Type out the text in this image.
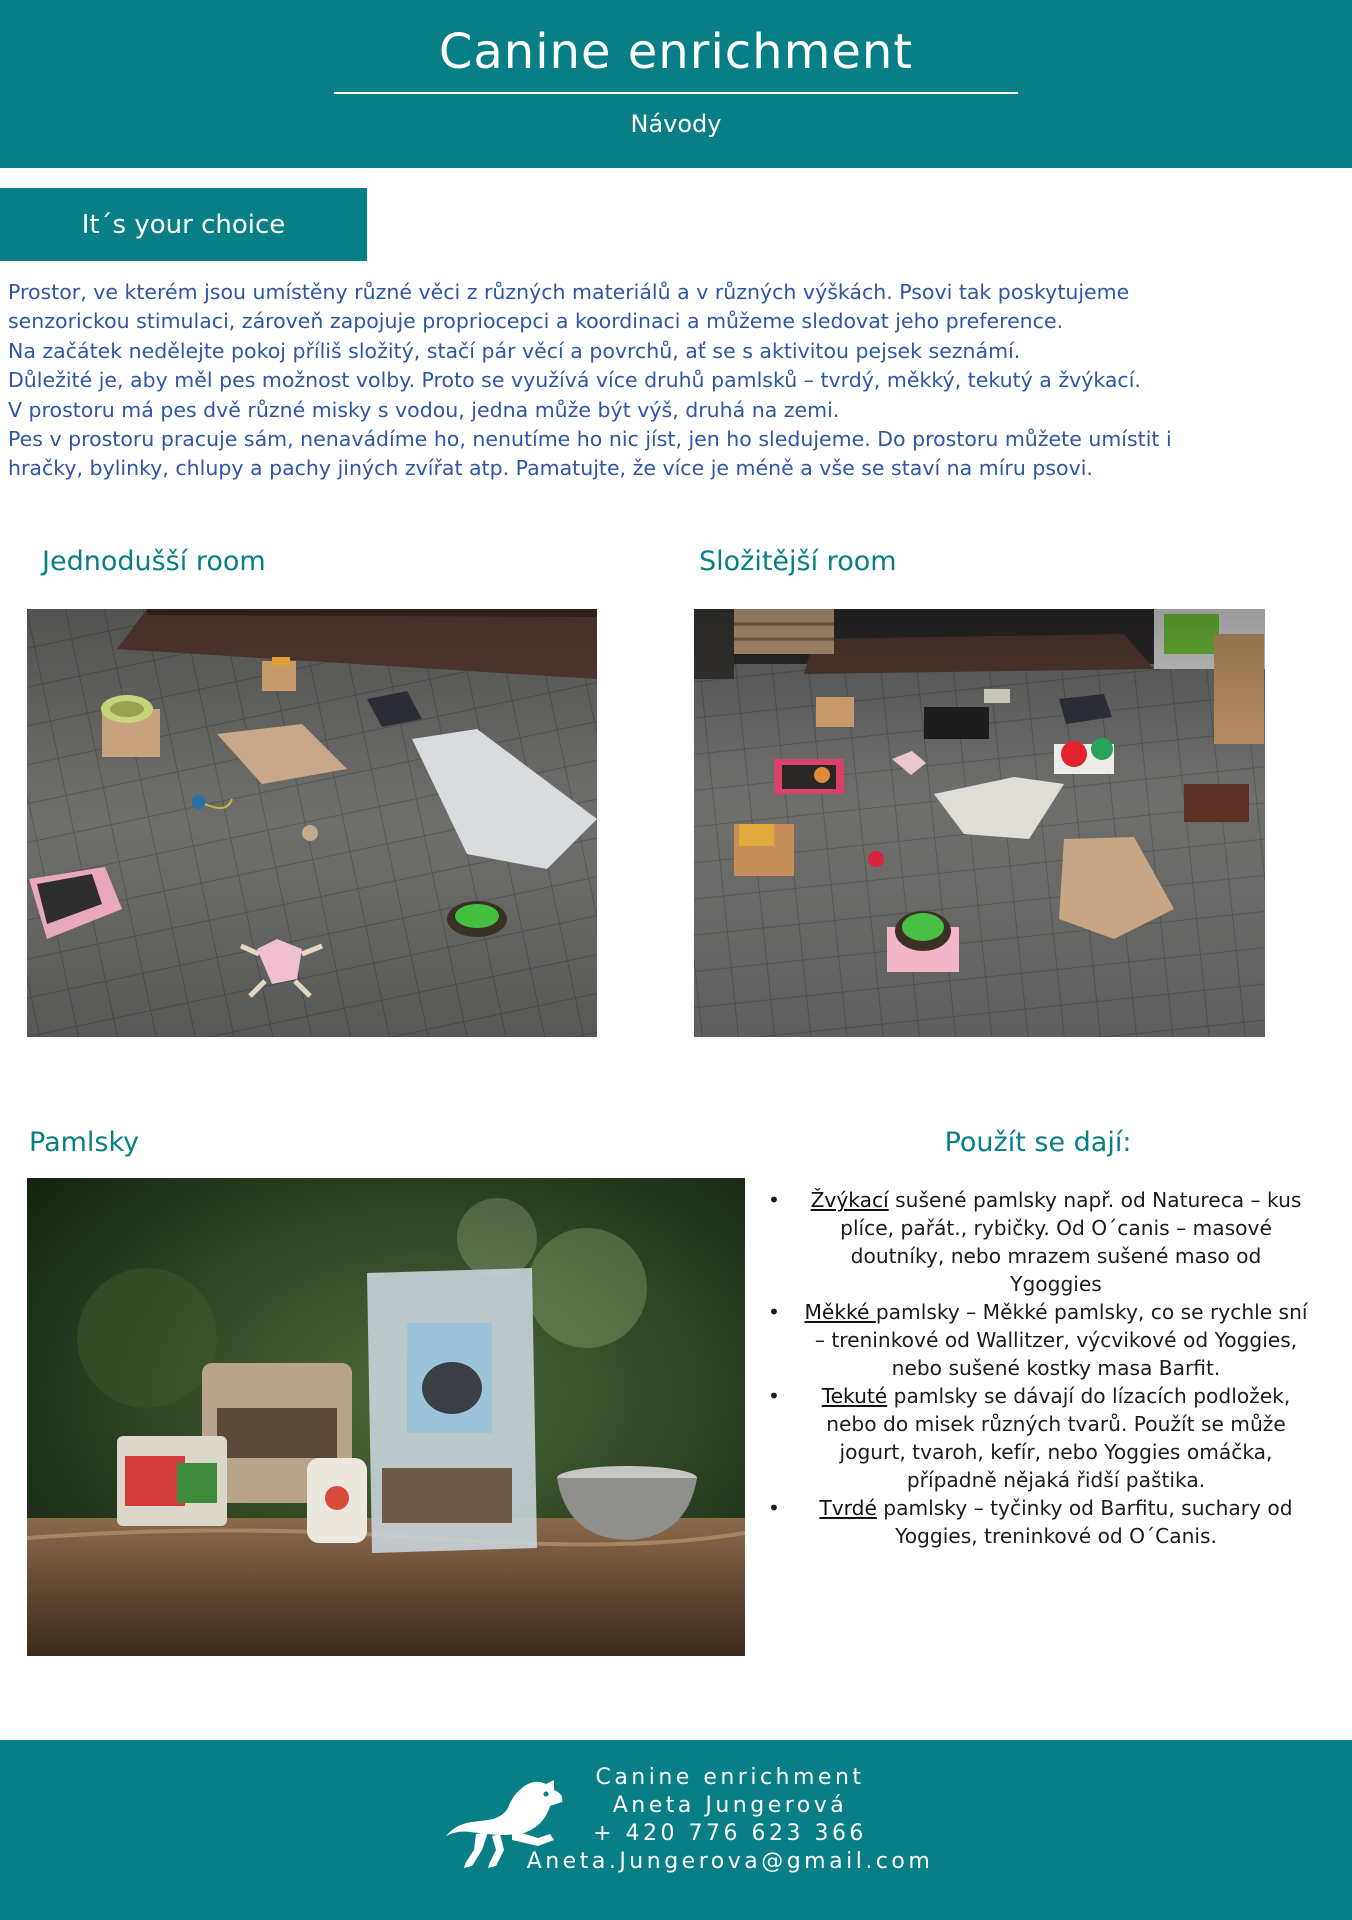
Canine enrichment
Návody
It´s your choice

Prostor, ve kterém jsou umístěny různé věci z různých materiálů a v různých výškách. Psovi tak poskytujeme

senzorickou stimulaci, zároveň zapojuje propriocepci a koordinaci a můžeme sledovat jeho preference.

Na začátek nedělejte pokoj příliš složitý, stačí pár věcí a povrchů, ať se s aktivitou pejsek seznámí.

Důležité je, aby měl pes možnost volby. Proto se využívá více druhů pamlsků – tvrdý, měkký, tekutý a žvýkací.

V prostoru má pes dvě různé misky s vodou, jedna může být výš, druhá na zemi.

Pes v prostoru pracuje sám, nenavádíme ho, nenutíme ho nic jíst, jen ho sledujeme. Do prostoru můžete umístit i

hračky, bylinky, chlupy a pachy jiných zvířat atp. Pamatujte, že více je méně a vše se staví na míru psovi.

Jednodušší room	Složitější room
Pamlsky	Použít se dají:
• Žvýkací sušené pamlsky např. od Natureca – kus
plíce, pařát., rybičky. Od O´canis – masové
doutníky, nebo mrazem sušené maso od
Ygoggies
• Měkké pamlsky – Měkké pamlsky, co se rychle sní
– treninkové od Wallitzer, výcvikové od Yoggies,
nebo sušené kostky masa Barfit.
• Tekuté pamlsky se dávají do lízacích podložek,
nebo do misek různých tvarů. Použít se může
jogurt, tvaroh, kefír, nebo Yoggies omáčka,
případně nějaká řidší paštika.
• Tvrdé pamlsky – tyčinky od Barfitu, suchary od
Yoggies, treninkové od O´Canis.
Canine enrichment
Aneta Jungerová
+ 420 776 623 366
Aneta.Jungerova@gmail.com
